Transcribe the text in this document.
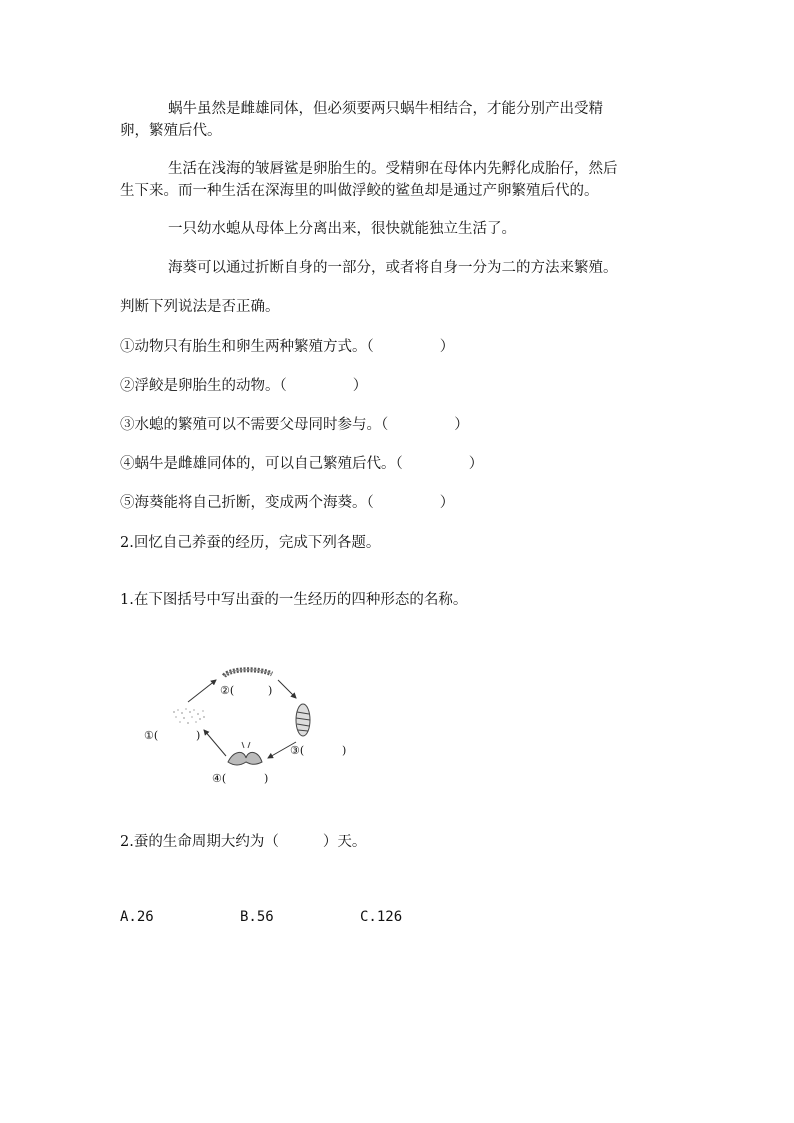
蜗牛虽然是雌雄同体，但必须要两只蜗牛相结合，才能分别产出受精
卵，繁殖后代。
生活在浅海的皱唇鲨是卵胎生的。受精卵在母体内先孵化成胎仔，然后
生下来。而一种生活在深海里的叫做浮鲛的鲨鱼却是通过产卵繁殖后代的。
一只幼水螅从母体上分离出来，很快就能独立生活了。
海葵可以通过折断自身的一部分，或者将自身一分为二的方法来繁殖。
判断下列说法是否正确。
①动物只有胎生和卵生两种繁殖方式。（	）
②浮鲛是卵胎生的动物。（	）
③水螅的繁殖可以不需要父母同时参与。（	）
④蜗牛是雌雄同体的，可以自己繁殖后代。（	）
⑤海葵能将自己折断，变成两个海葵。（	）
2.回忆自己养蚕的经历，完成下列各题。
1.在下图括号中写出蚕的一生经历的四种形态的名称。
②(	)
①(	)
③(	)
④(	)
2.蚕的生命周期大约为（	）天。
A.26	B.56	C.126
